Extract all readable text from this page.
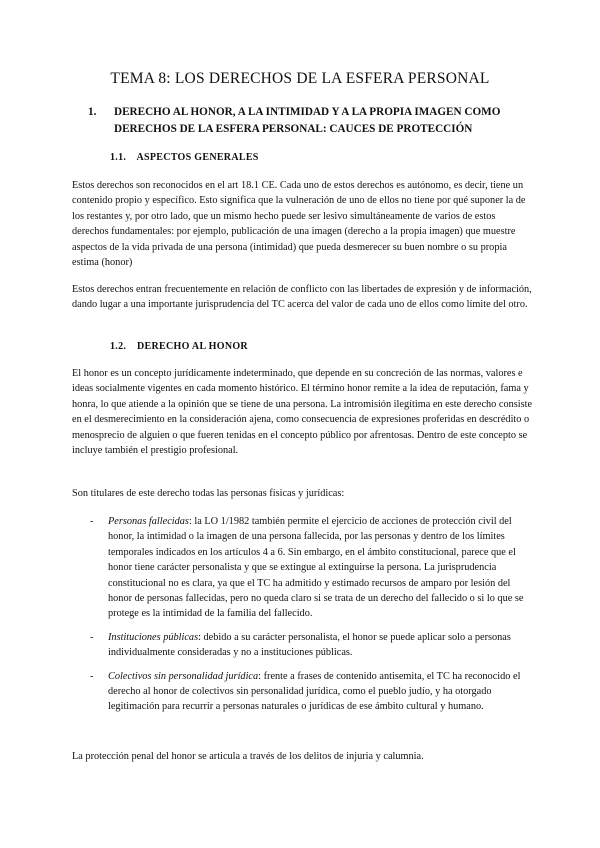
TEMA 8: LOS DERECHOS DE LA ESFERA PERSONAL
1.	DERECHO AL HONOR, A LA INTIMIDAD Y A LA PROPIA IMAGEN COMO DERECHOS DE LA ESFERA PERSONAL: CAUCES DE PROTECCIÓN
1.1. ASPECTOS GENERALES

Estos derechos son reconocidos en el art 18.1 CE. Cada uno de estos derechos es autónomo, es decir, tiene un contenido propio y específico. Esto significa que la vulneración de uno de ellos no tiene por qué suponer la de los restantes y, por otro lado, que un mismo hecho puede ser lesivo simultáneamente de varios de estos derechos fundamentales: por ejemplo, publicación de una imagen (derecho a la propia imagen) que muestre aspectos de la vida privada de una persona (intimidad) que pueda desmerecer su buen nombre o su propia estima (honor)

Estos derechos entran frecuentemente en relación de conflicto con las libertades de expresión y de información, dando lugar a una importante jurisprudencia del TC acerca del valor de cada uno de ellos como límite del otro.

1.2. DERECHO AL HONOR

El honor es un concepto jurídicamente indeterminado, que depende en su concreción de las normas, valores e ideas socialmente vigentes en cada momento histórico. El término honor remite a la idea de reputación, fama y honra, lo que atiende a la opinión que se tiene de una persona. La intromisión ilegítima en este derecho consiste en el desmerecimiento en la consideración ajena, como consecuencia de expresiones proferidas en descrédito o menosprecio de alguien o que fueren tenidas en el concepto público por afrentosas. Dentro de este concepto se incluye también el prestigio profesional.

Son titulares de este derecho todas las personas físicas y jurídicas:

- Personas fallecidas: la LO 1/1982 también permite el ejercicio de acciones de protección civil del honor, la intimidad o la imagen de una persona fallecida, por las personas y dentro de los límites temporales indicados en los artículos 4 a 6. Sin embargo, en el ámbito constitucional, parece que el honor tiene carácter personalista y que se extingue al extinguirse la persona. La jurisprudencia constitucional no es clara, ya que el TC ha admitido y estimado recursos de amparo por lesión del honor de personas fallecidas, pero no queda claro si se trata de un derecho del fallecido o si lo que se protege es la intimidad de la familia del fallecido.
- Instituciones públicas: debido a su carácter personalista, el honor se puede aplicar solo a personas individualmente consideradas y no a instituciones públicas.
- Colectivos sin personalidad jurídica: frente a frases de contenido antisemita, el TC ha reconocido el derecho al honor de colectivos sin personalidad jurídica, como el pueblo judío, y ha otorgado legitimación para recurrir a personas naturales o jurídicas de ese ámbito cultural y humano.

La protección penal del honor se articula a través de los delitos de injuria y calumnia.
